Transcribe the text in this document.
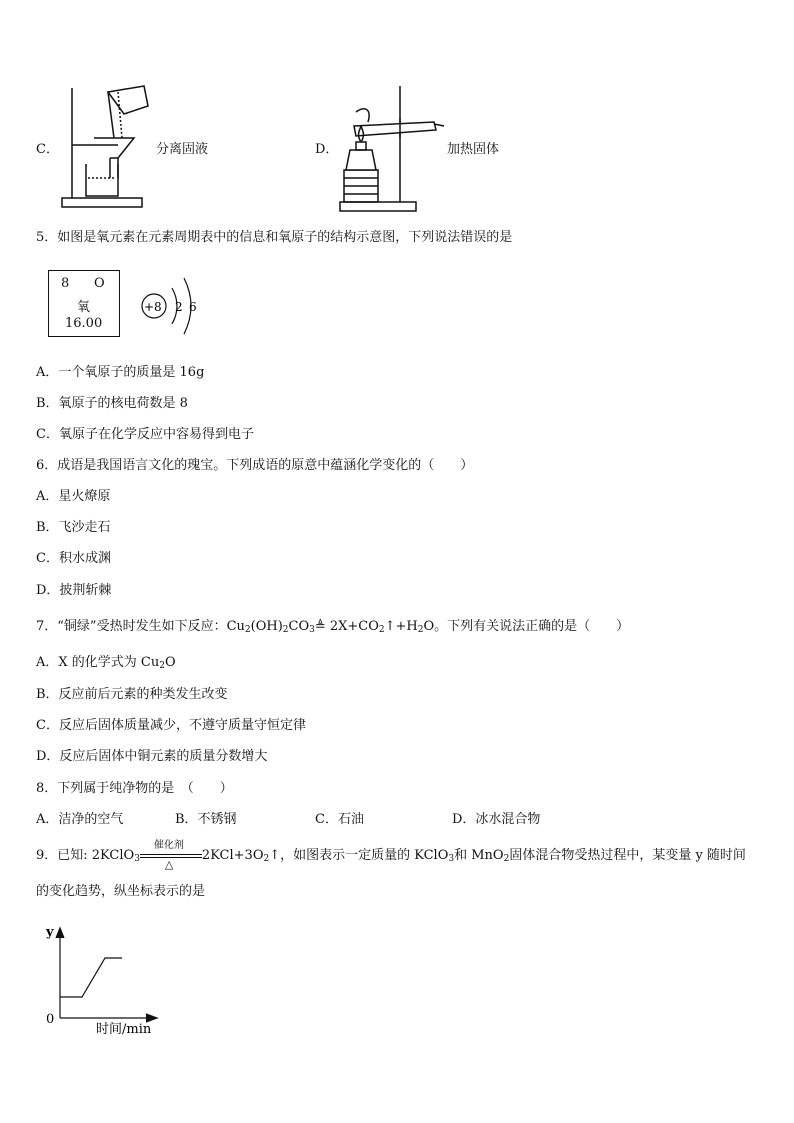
C．	分离固液	D．	加热固体
5．如图是氧元素在元素周期表中的信息和氧原子的结构示意图，下列说法错误的是
8 O
氧
16.00
+8 2 6
A．一个氧原子的质量是 16g
B．氧原子的核电荷数是 8
C．氧原子在化学反应中容易得到电子
6．成语是我国语言文化的瑰宝。下列成语的原意中蕴涵化学变化的（　　）
A．星火燎原
B．飞沙走石
C．积水成渊
D．披荆斩棘
7．“铜绿”受热时发生如下反应：$Cu_2(OH)_2CO_3≜$ $2X+CO_2↑+H_2O$。下列有关说法正确的是（　　）
A．X 的化学式为 $Cu_2O$
B．反应前后元素的种类发生改变
C．反应后固体质量减少，不遵守质量守恒定律
D．反应后固体中铜元素的质量分数增大
8．下列属于纯净物的是　（　　）
A．洁净的空气	B．不锈钢	C．石油	D．冰水混合物
9．已知: 2KClO$_3$
催化剂
△
$2KCl+3O_2↑$，如图表示一定质量的 KClO$_3$和 MnO$_2$固体混合物受热过程中，某变量 y 随时间
的变化趋势，纵坐标表示的是
y
0
时间/min
